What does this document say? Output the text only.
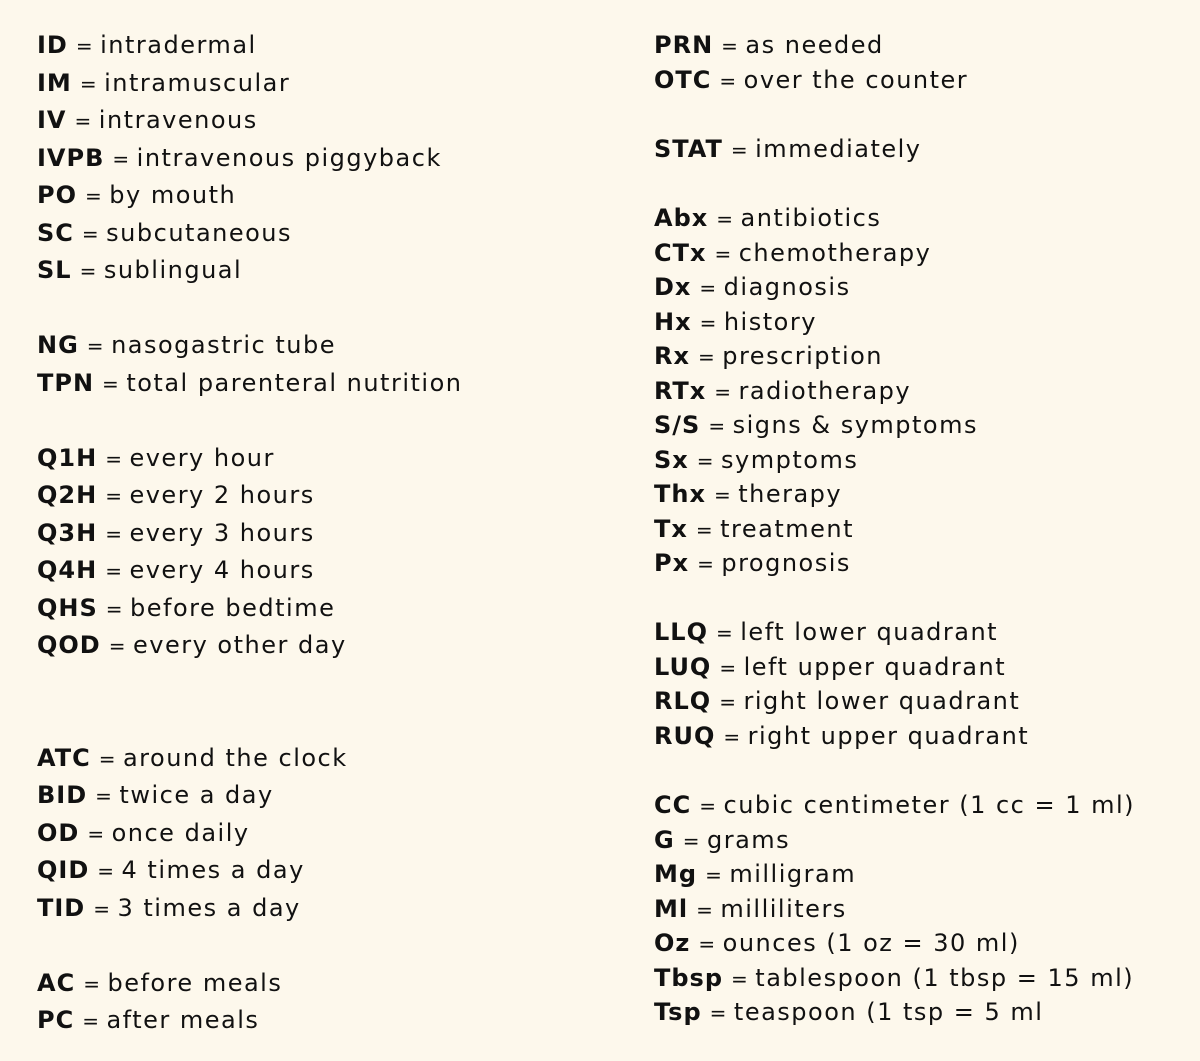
ID = intradermal
IM = intramuscular
IV = intravenous
IVPB = intravenous piggyback
PO = by mouth
SC = subcutaneous
SL = sublingual
NG = nasogastric tube
TPN = total parenteral nutrition
Q1H = every hour
Q2H = every 2 hours
Q3H = every 3 hours
Q4H = every 4 hours
QHS = before bedtime
QOD = every other day
ATC = around the clock
BID = twice a day
OD = once daily
QID = 4 times a day
TID = 3 times a day
AC = before meals
PC = after meals
PRN = as needed
OTC = over the counter
STAT = immediately
Abx = antibiotics
CTx = chemotherapy
Dx = diagnosis
Hx = history
Rx = prescription
RTx = radiotherapy
S/S = signs & symptoms
Sx = symptoms
Thx = therapy
Tx = treatment
Px = prognosis
LLQ = left lower quadrant
LUQ = left upper quadrant
RLQ = right lower quadrant
RUQ = right upper quadrant
CC = cubic centimeter (1 cc = 1 ml)
G = grams
Mg = milligram
Ml = milliliters
Oz = ounces (1 oz = 30 ml)
Tbsp = tablespoon (1 tbsp = 15 ml)
Tsp = teaspoon (1 tsp = 5 ml
